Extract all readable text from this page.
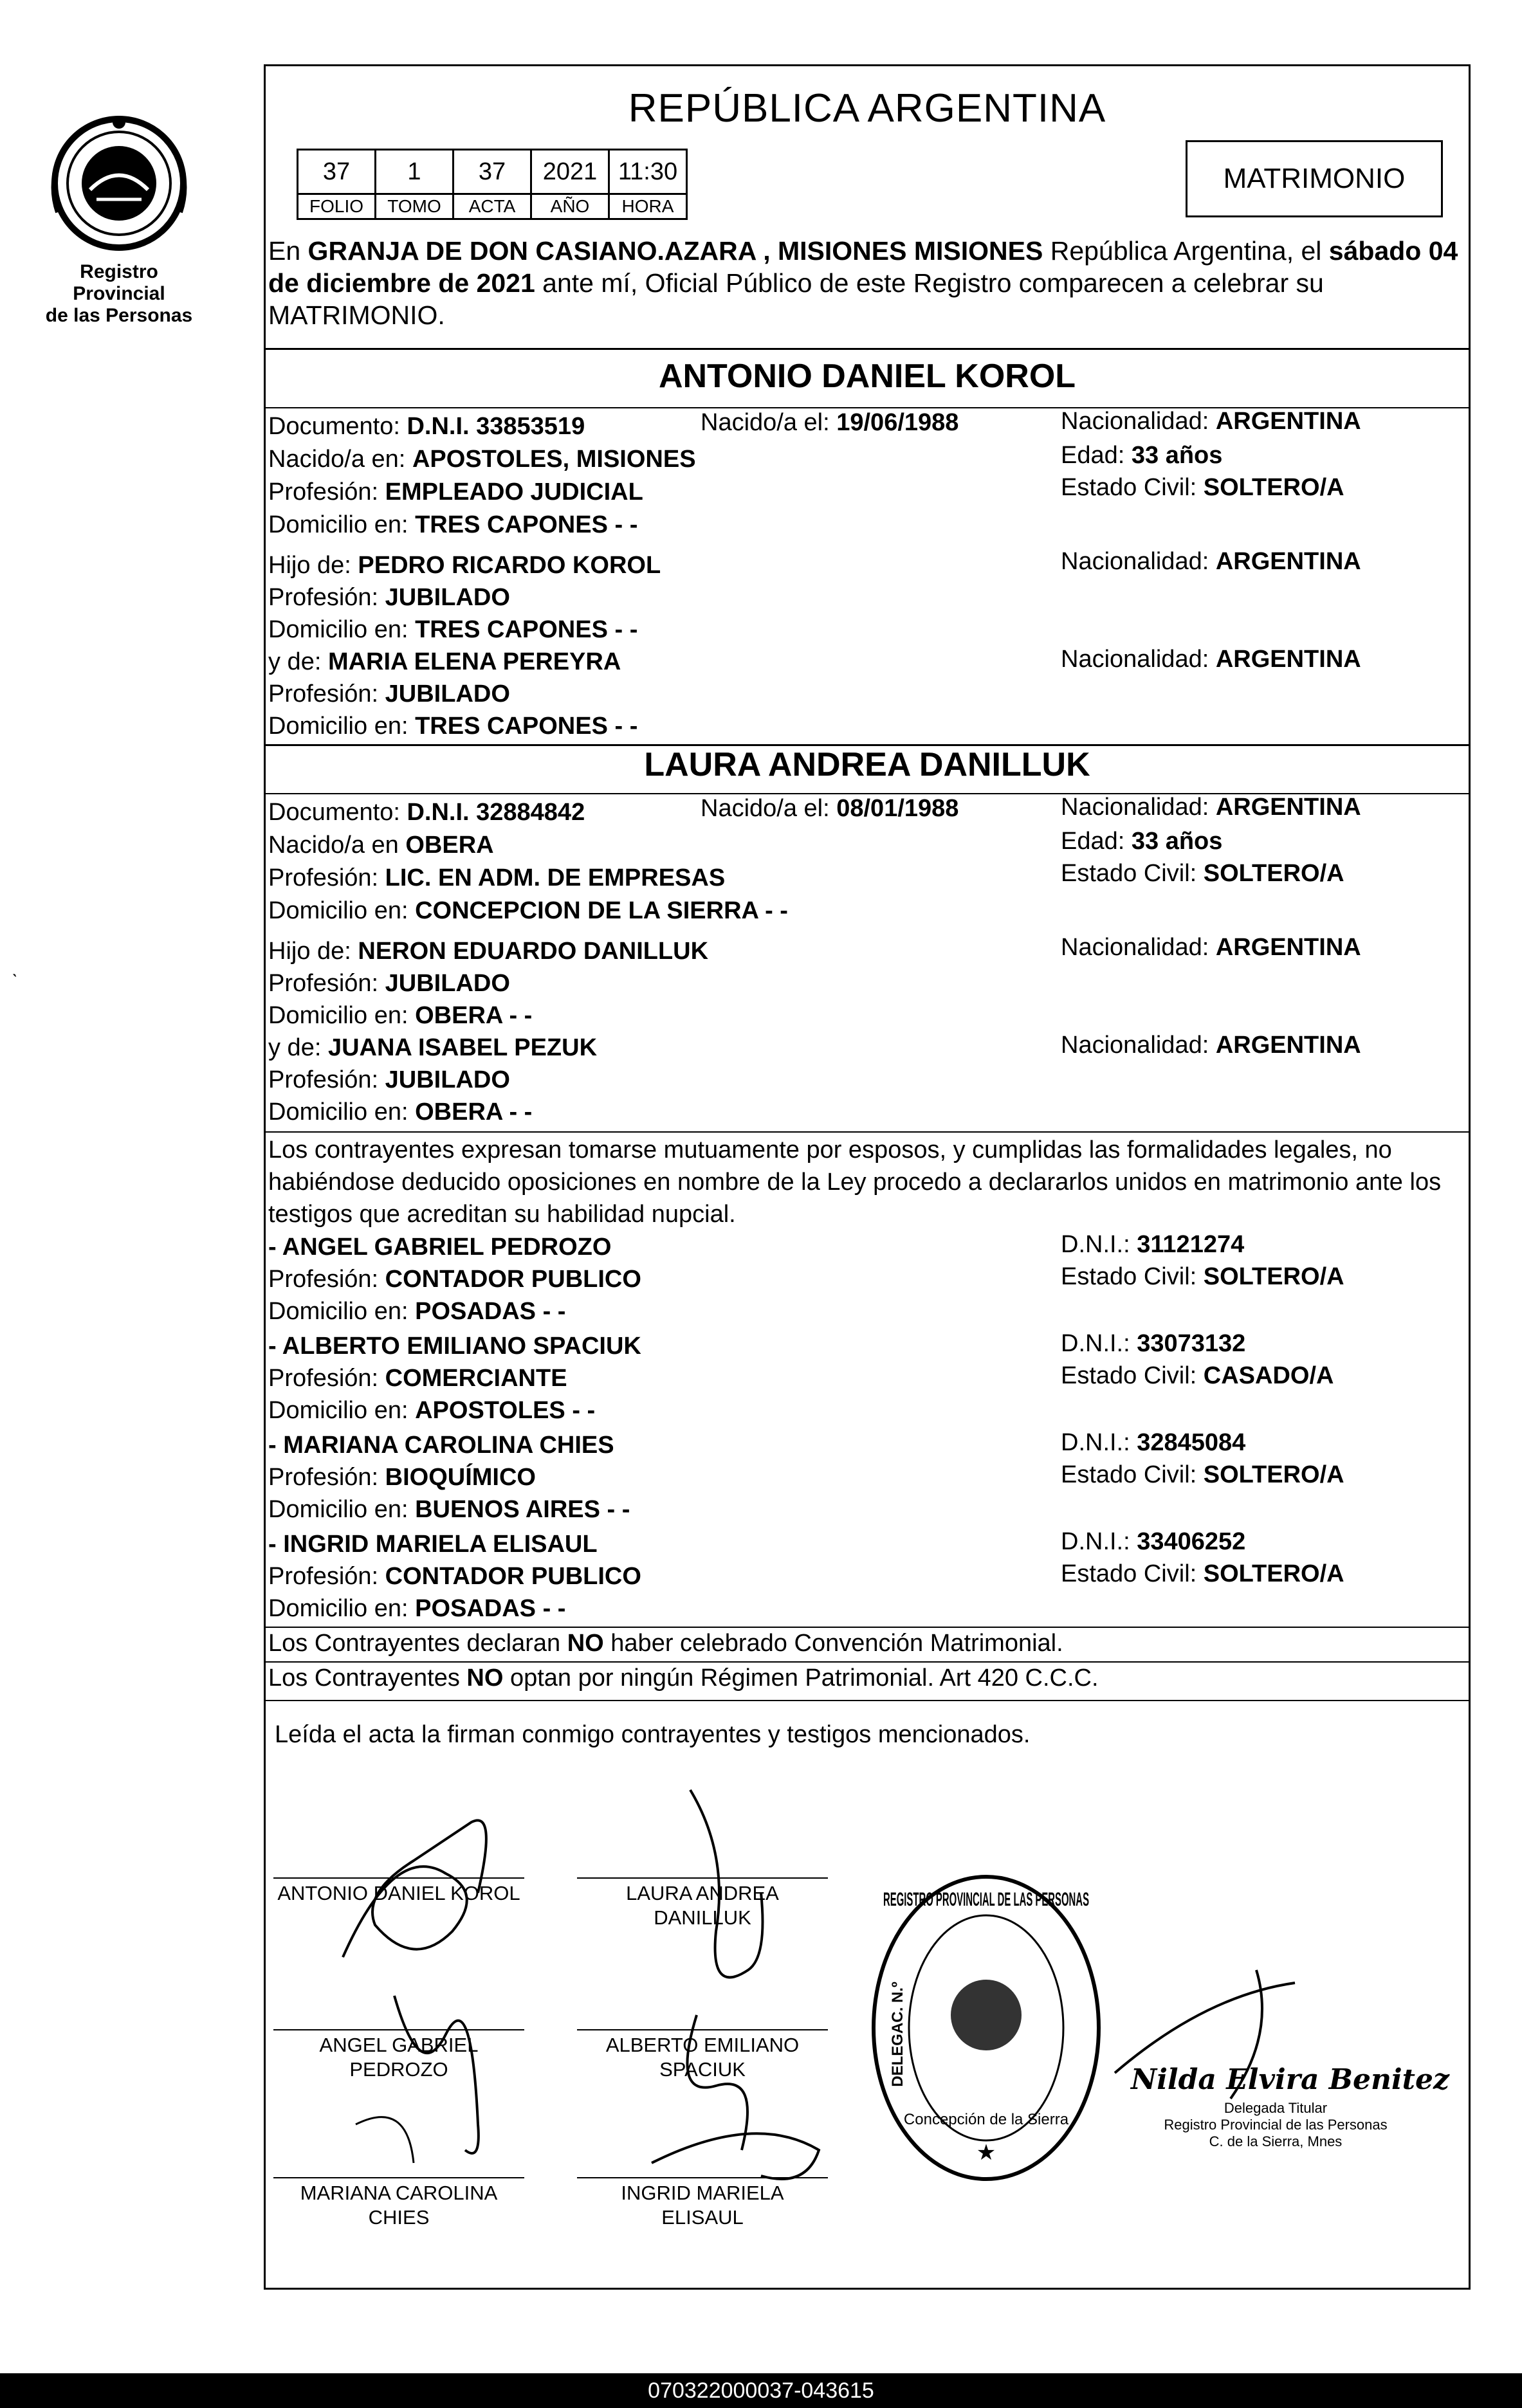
Registro Provincial
de las Personas
ˋ
REPÚBLICA ARGENTINA
37	1	37	2021	11:30
FOLIO	TOMO	ACTA	AÑO	HORA
MATRIMONIO
En GRANJA DE DON CASIANO.AZARA , MISIONES MISIONES República Argentina, el sábado 04 de diciembre de 2021 ante mí, Oficial Público de este Registro comparecen a celebrar su MATRIMONIO.
ANTONIO DANIEL KOROL
Documento: D.N.I. 33853519	Nacido/a el: 19/06/1988	Nacionalidad: ARGENTINA
Nacido/a en: APOSTOLES, MISIONES	Edad: 33 años
Profesión: EMPLEADO JUDICIAL	Estado Civil: SOLTERO/A
Domicilio en: TRES CAPONES - -
Hijo de: PEDRO RICARDO KOROL	Nacionalidad: ARGENTINA
Profesión: JUBILADO
Domicilio en: TRES CAPONES - -
y de: MARIA ELENA PEREYRA	Nacionalidad: ARGENTINA
Profesión: JUBILADO
Domicilio en: TRES CAPONES - -
LAURA ANDREA DANILLUK
Documento: D.N.I. 32884842	Nacido/a el: 08/01/1988	Nacionalidad: ARGENTINA
Nacido/a en OBERA	Edad: 33 años
Profesión: LIC. EN ADM. DE EMPRESAS	Estado Civil: SOLTERO/A
Domicilio en: CONCEPCION DE LA SIERRA - -
Hijo de: NERON EDUARDO DANILLUK	Nacionalidad: ARGENTINA
Profesión: JUBILADO
Domicilio en: OBERA - -
y de: JUANA ISABEL PEZUK	Nacionalidad: ARGENTINA
Profesión: JUBILADO
Domicilio en: OBERA - -
Los contrayentes expresan tomarse mutuamente por esposos, y cumplidas las formalidades legales, no habiéndose deducido oposiciones en nombre de la Ley procedo a declararlos unidos en matrimonio ante los testigos que acreditan su habilidad nupcial.
- ANGEL GABRIEL PEDROZO	D.N.I.: 31121274
Profesión: CONTADOR PUBLICO	Estado Civil: SOLTERO/A
Domicilio en: POSADAS - -
- ALBERTO EMILIANO SPACIUK	D.N.I.: 33073132
Profesión: COMERCIANTE	Estado Civil: CASADO/A
Domicilio en: APOSTOLES - -
- MARIANA CAROLINA CHIES	D.N.I.: 32845084
Profesión: BIOQUÍMICO	Estado Civil: SOLTERO/A
Domicilio en: BUENOS AIRES - -
- INGRID MARIELA ELISAUL	D.N.I.: 33406252
Profesión: CONTADOR PUBLICO	Estado Civil: SOLTERO/A
Domicilio en: POSADAS - -
Los Contrayentes declaran NO haber celebrado Convención Matrimonial.
Los Contrayentes NO optan por ningún Régimen Patrimonial. Art 420 C.C.C.
Leída el acta la firman conmigo contrayentes y testigos mencionados.
ANTONIO DANIEL KOROL	LAURA ANDREA
DANILLUK
ANGEL GABRIEL
PEDROZO
ALBERTO EMILIANO
SPACIUK
MARIANA CAROLINA
CHIES
INGRID MARIELA
ELISAUL
REGISTRO PROVINCIAL DE LAS PERSONAS
DELEGAC. N.º
Concepción de la Sierra
★
Nilda Elvira Benitez
Delegada Titular
Registro Provincial de las Personas
C. de la Sierra, Mnes
070322000037-043615
